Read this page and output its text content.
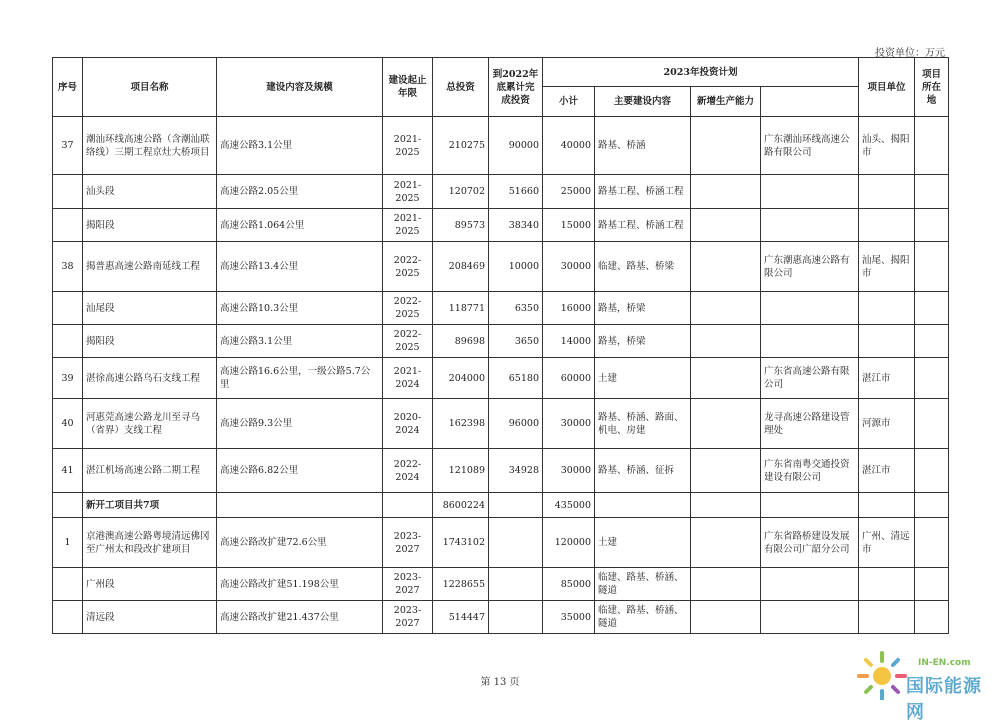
投资单位：万元
序号	项目名称	建设内容及规模	建设起止年限	总投资	到2022年底累计完成投资	2023年投资计划				项目单位	项目所在地	
						小计	主要建设内容	新增生产能力				
37	潮汕环线高速公路（含潮汕联络线）三期工程京灶大桥项目	高速公路3.1公里	2021-2025	210275	90000	40000	路基、桥涵		广东潮汕环线高速公路有限公司	汕头、揭阳市		
	汕头段	高速公路2.05公里	2021-2025	120702	51660	25000	路基工程、桥涵工程					
	揭阳段	高速公路1.064公里	2021-2025	89573	38340	15000	路基工程、桥涵工程					
38	揭普惠高速公路南延线工程	高速公路13.4公里	2022-2025	208469	10000	30000	临建、路基、桥梁		广东潮惠高速公路有限公司	汕尾、揭阳市		
	汕尾段	高速公路10.3公里	2022-2025	118771	6350	16000	路基，桥梁					
	揭阳段	高速公路3.1公里	2022-2025	89698	3650	14000	路基，桥梁					
39	湛徐高速公路乌石支线工程	高速公路16.6公里，一级公路5.7公里	2021-2024	204000	65180	60000	土建		广东省高速公路有限公司	湛江市		
40	河惠莞高速公路龙川至寻乌（省界）支线工程	高速公路9.3公里	2020-2024	162398	96000	30000	路基、桥涵、路面、机电、房建		龙寻高速公路建设管理处	河源市		
41	湛江机场高速公路二期工程	高速公路6.82公里	2022-2024	121089	34928	30000	路基、桥涵、征拆		广东省南粤交通投资建设有限公司	湛江市		
	新开工项目共7项			8600224		435000						
1	京港澳高速公路粤境清远佛冈至广州太和段改扩建项目	高速公路改扩建72.6公里	2023-2027	1743102		120000	土建		广东省路桥建设发展有限公司广韶分公司	广州、清远市		
	广州段	高速公路改扩建51.198公里	2023-2027	1228655		85000	临建、路基、桥涵、隧道					
	清远段	高速公路改扩建21.437公里	2023-2027	514447		35000	临建、路基、桥涵、隧道					
第 13 页
IN-EN.com
国际能源网
